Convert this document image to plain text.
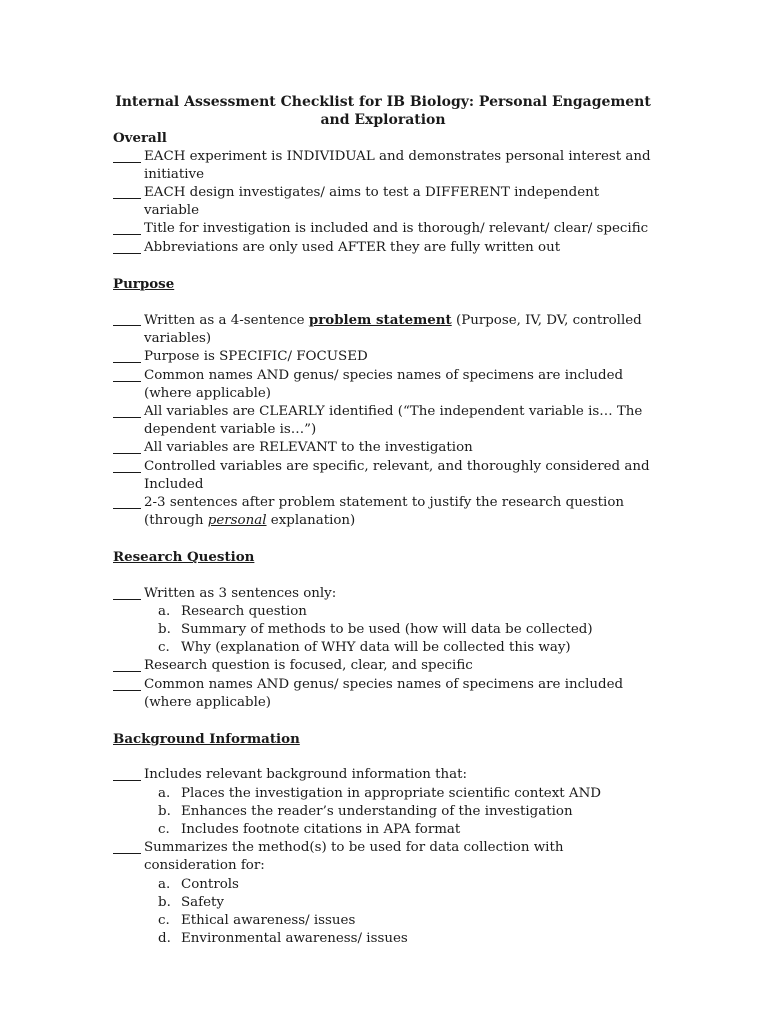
Internal Assessment Checklist for IB Biology: Personal Engagement and Exploration

Overall

EACH experiment is INDIVIDUAL and demonstrates personal interest and initiative

EACH design investigates/ aims to test a DIFFERENT independent variable

Title for investigation is included and is thorough/ relevant/ clear/ specific

Abbreviations are only used AFTER they are fully written out

Purpose

Written as a 4-sentence problem statement (Purpose, IV, DV, controlled variables)

Purpose is SPECIFIC/ FOCUSED

Common names AND genus/ species names of specimens are included (where applicable)

All variables are CLEARLY identified (“The independent variable is… The dependent variable is…”)

All variables are RELEVANT to the investigation

Controlled variables are specific, relevant, and thoroughly considered and Included

2-3 sentences after problem statement to justify the research question (through personal explanation)

Research Question

Written as 3 sentences only:

a. Research question
b. Summary of methods to be used (how will data be collected)
c. Why (explanation of WHY data will be collected this way)

Research question is focused, clear, and specific

Common names AND genus/ species names of specimens are included (where applicable)

Background Information

Includes relevant background information that:

a. Places the investigation in appropriate scientific context AND
b. Enhances the reader’s understanding of the investigation
c. Includes footnote citations in APA format

Summarizes the method(s) to be used for data collection with consideration for:

a. Controls
b. Safety
c. Ethical awareness/ issues
d. Environmental awareness/ issues
